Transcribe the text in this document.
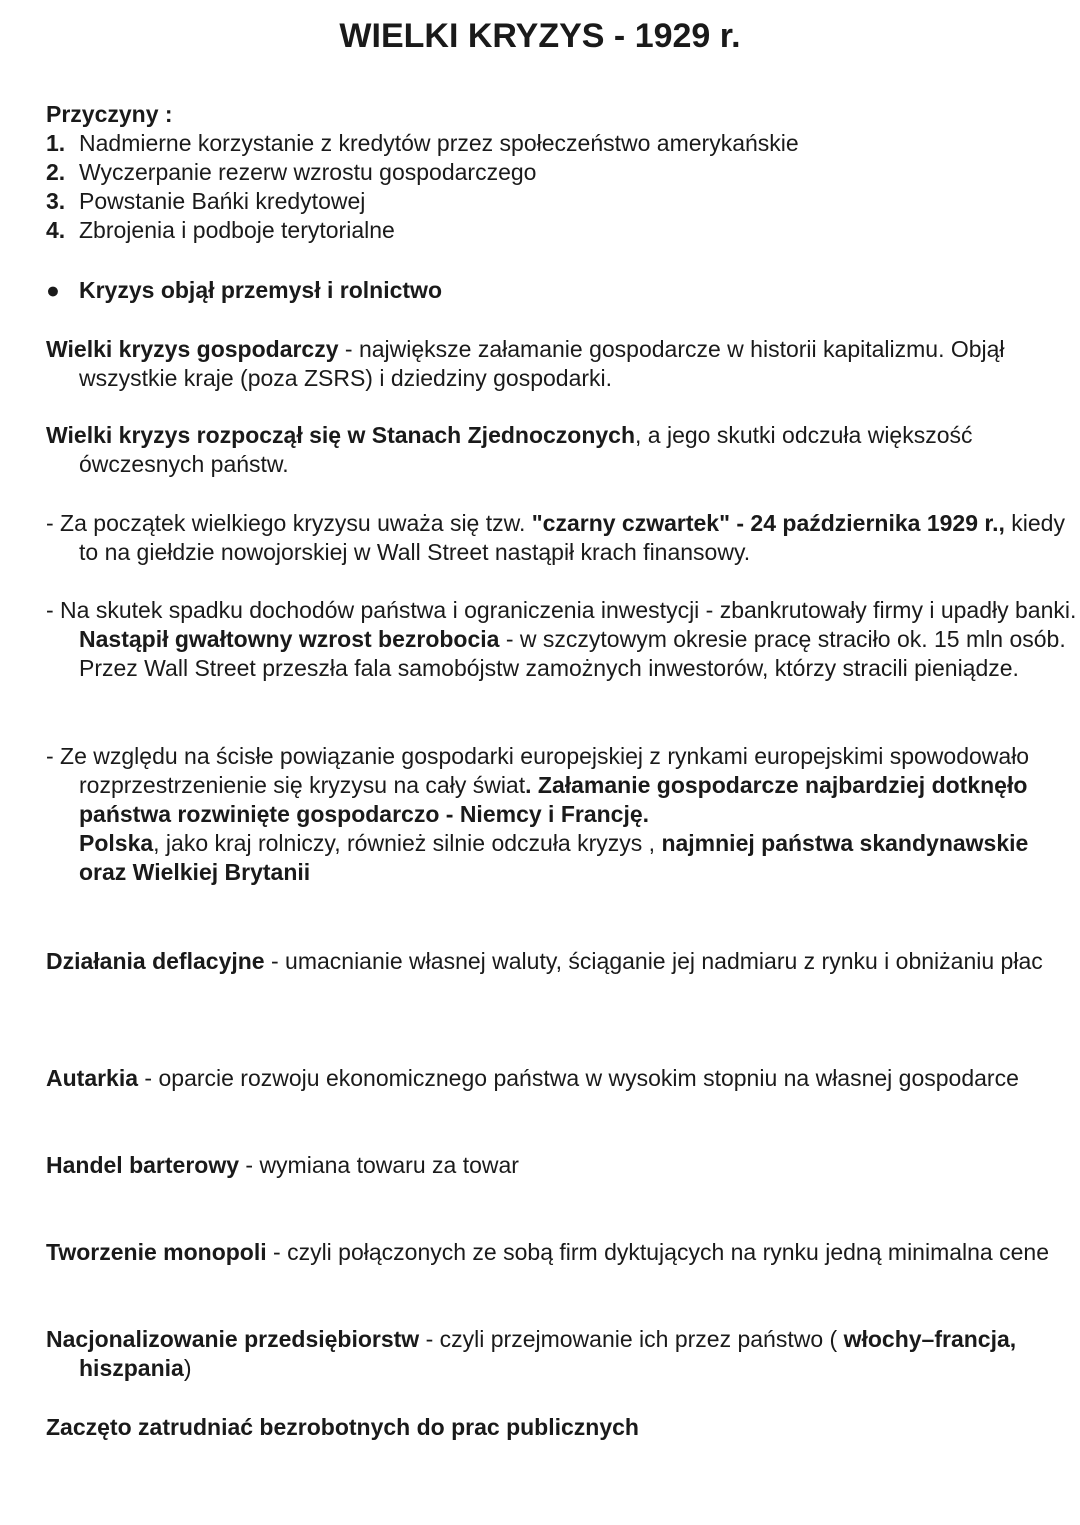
WIELKI KRYZYS - 1929 r.
Przyczyny :
1. Nadmierne korzystanie z kredytów przez społeczeństwo amerykańskie
2. Wyczerpanie rezerw wzrostu gospodarczego
3. Powstanie Bańki kredytowej
4. Zbrojenia i podboje terytorialne
● Kryzys objął przemysł i rolnictwo

Wielki kryzys gospodarczy - największe załamanie gospodarcze w historii kapitalizmu. Objął wszystkie kraje (poza ZSRS) i dziedziny gospodarki.

Wielki kryzys rozpoczął się w Stanach Zjednoczonych, a jego skutki odczuła większość ówczesnych państw.

- Za początek wielkiego kryzysu uważa się tzw. "czarny czwartek" - 24 października 1929 r., kiedy to na giełdzie nowojorskiej w Wall Street nastąpił krach finansowy.

- Na skutek spadku dochodów państwa i ograniczenia inwestycji - zbankrutowały firmy i upadły banki. Nastąpił gwałtowny wzrost bezrobocia - w szczytowym okresie pracę straciło ok. 15 mln osób. Przez Wall Street przeszła fala samobójstw zamożnych inwestorów, którzy stracili pieniądze.

- Ze względu na ścisłe powiązanie gospodarki europejskiej z rynkami europejskimi spowodowało rozprzestrzenienie się kryzysu na cały świat. Załamanie gospodarcze najbardziej dotknęło państwa rozwinięte gospodarczo - Niemcy i Francję.
Polska, jako kraj rolniczy, również silnie odczuła kryzys , najmniej państwa skandynawskie oraz Wielkiej Brytanii

Działania deflacyjne - umacnianie własnej waluty, ściąganie jej nadmiaru z rynku i obniżaniu płac

Autarkia - oparcie rozwoju ekonomicznego państwa w wysokim stopniu na własnej gospodarce

Handel barterowy - wymiana towaru za towar

Tworzenie monopoli - czyli połączonych ze sobą firm dyktujących na rynku jedną minimalna cene

Nacjonalizowanie przedsiębiorstw - czyli przejmowanie ich przez państwo ( włochy–francja, hiszpania)

Zaczęto zatrudniać bezrobotnych do prac publicznych
